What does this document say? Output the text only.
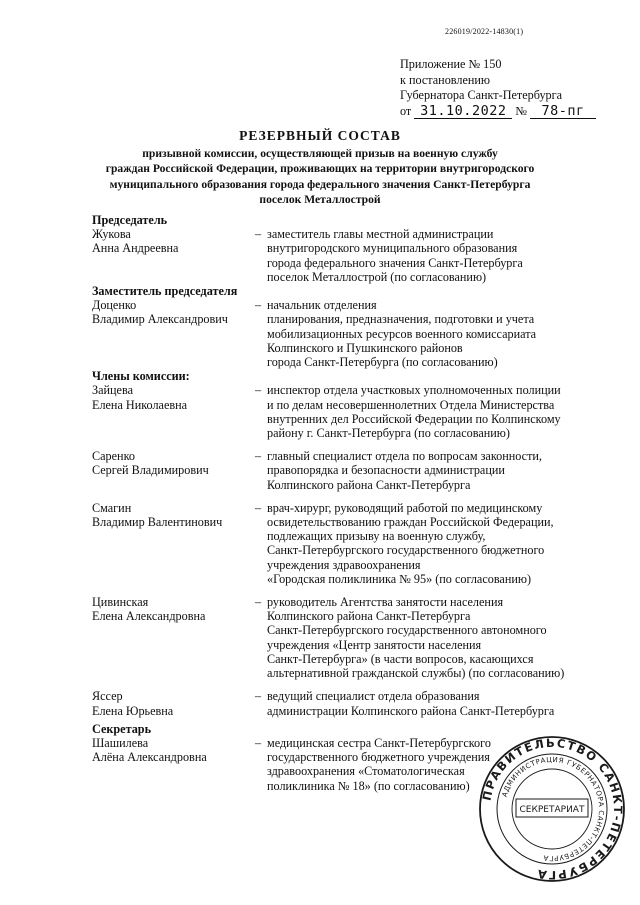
226019/2022-14830(1)
Приложение № 150
к постановлению
Губернатора Санкт-Петербурга
от 31.10.2022 № 78-пг
РЕЗЕРВНЫЙ СОСТАВ
призывной комиссии, осуществляющей призыв на военную службу
граждан Российской Федерации, проживающих на территории внутригородского
муниципального образования города федерального значения Санкт-Петербурга
поселок Металлострой
Председатель
Жукова
Анна Андреевна
– заместитель главы местной администрации
внутригородского муниципального образования
города федерального значения Санкт-Петербурга
поселок Металлострой (по согласованию)
Заместитель председателя
Доценко
Владимир Александрович
– начальник отделения
планирования, предназначения, подготовки и учета
мобилизационных ресурсов военного комиссариата
Колпинского и Пушкинского районов
города Санкт-Петербурга (по согласованию)
Члены комиссии:
Зайцева
Елена Николаевна
– инспектор отдела участковых уполномоченных полиции
и по делам несовершеннолетних Отдела Министерства
внутренних дел Российской Федерации по Колпинскому
району г. Санкт-Петербурга (по согласованию)
Саренко
Сергей Владимирович
– главный специалист отдела по вопросам законности,
правопорядка и безопасности администрации
Колпинского района Санкт-Петербурга
Смагин
Владимир Валентинович
– врач-хирург, руководящий работой по медицинскому
освидетельствованию граждан Российской Федерации,
подлежащих призыву на военную службу,
Санкт-Петербургского государственного бюджетного
учреждения здравоохранения
«Городская поликлиника № 95» (по согласованию)
Цивинская
Елена Александровна
– руководитель Агентства занятости населения
Колпинского района Санкт-Петербурга
Санкт-Петербургского государственного автономного
учреждения «Центр занятости населения
Санкт-Петербурга» (в части вопросов, касающихся
альтернативной гражданской службы) (по согласованию)
Яссер
Елена Юрьевна
– ведущий специалист отдела образования
администрации Колпинского района Санкт-Петербурга
Секретарь
Шашилева
Алёна Александровна
– медицинская сестра Санкт-Петербургского
государственного бюджетного учреждения
здравоохранения «Стоматологическая
поликлиника № 18» (по согласованию)
ПРАВИТЕЛЬСТВО САНКТ-ПЕТЕРБУРГА
АДМИНИСТРАЦИЯ ГУБЕРНАТОРА САНКТ-ПЕТЕРБУРГА
СЕКРЕТАРИАТ
